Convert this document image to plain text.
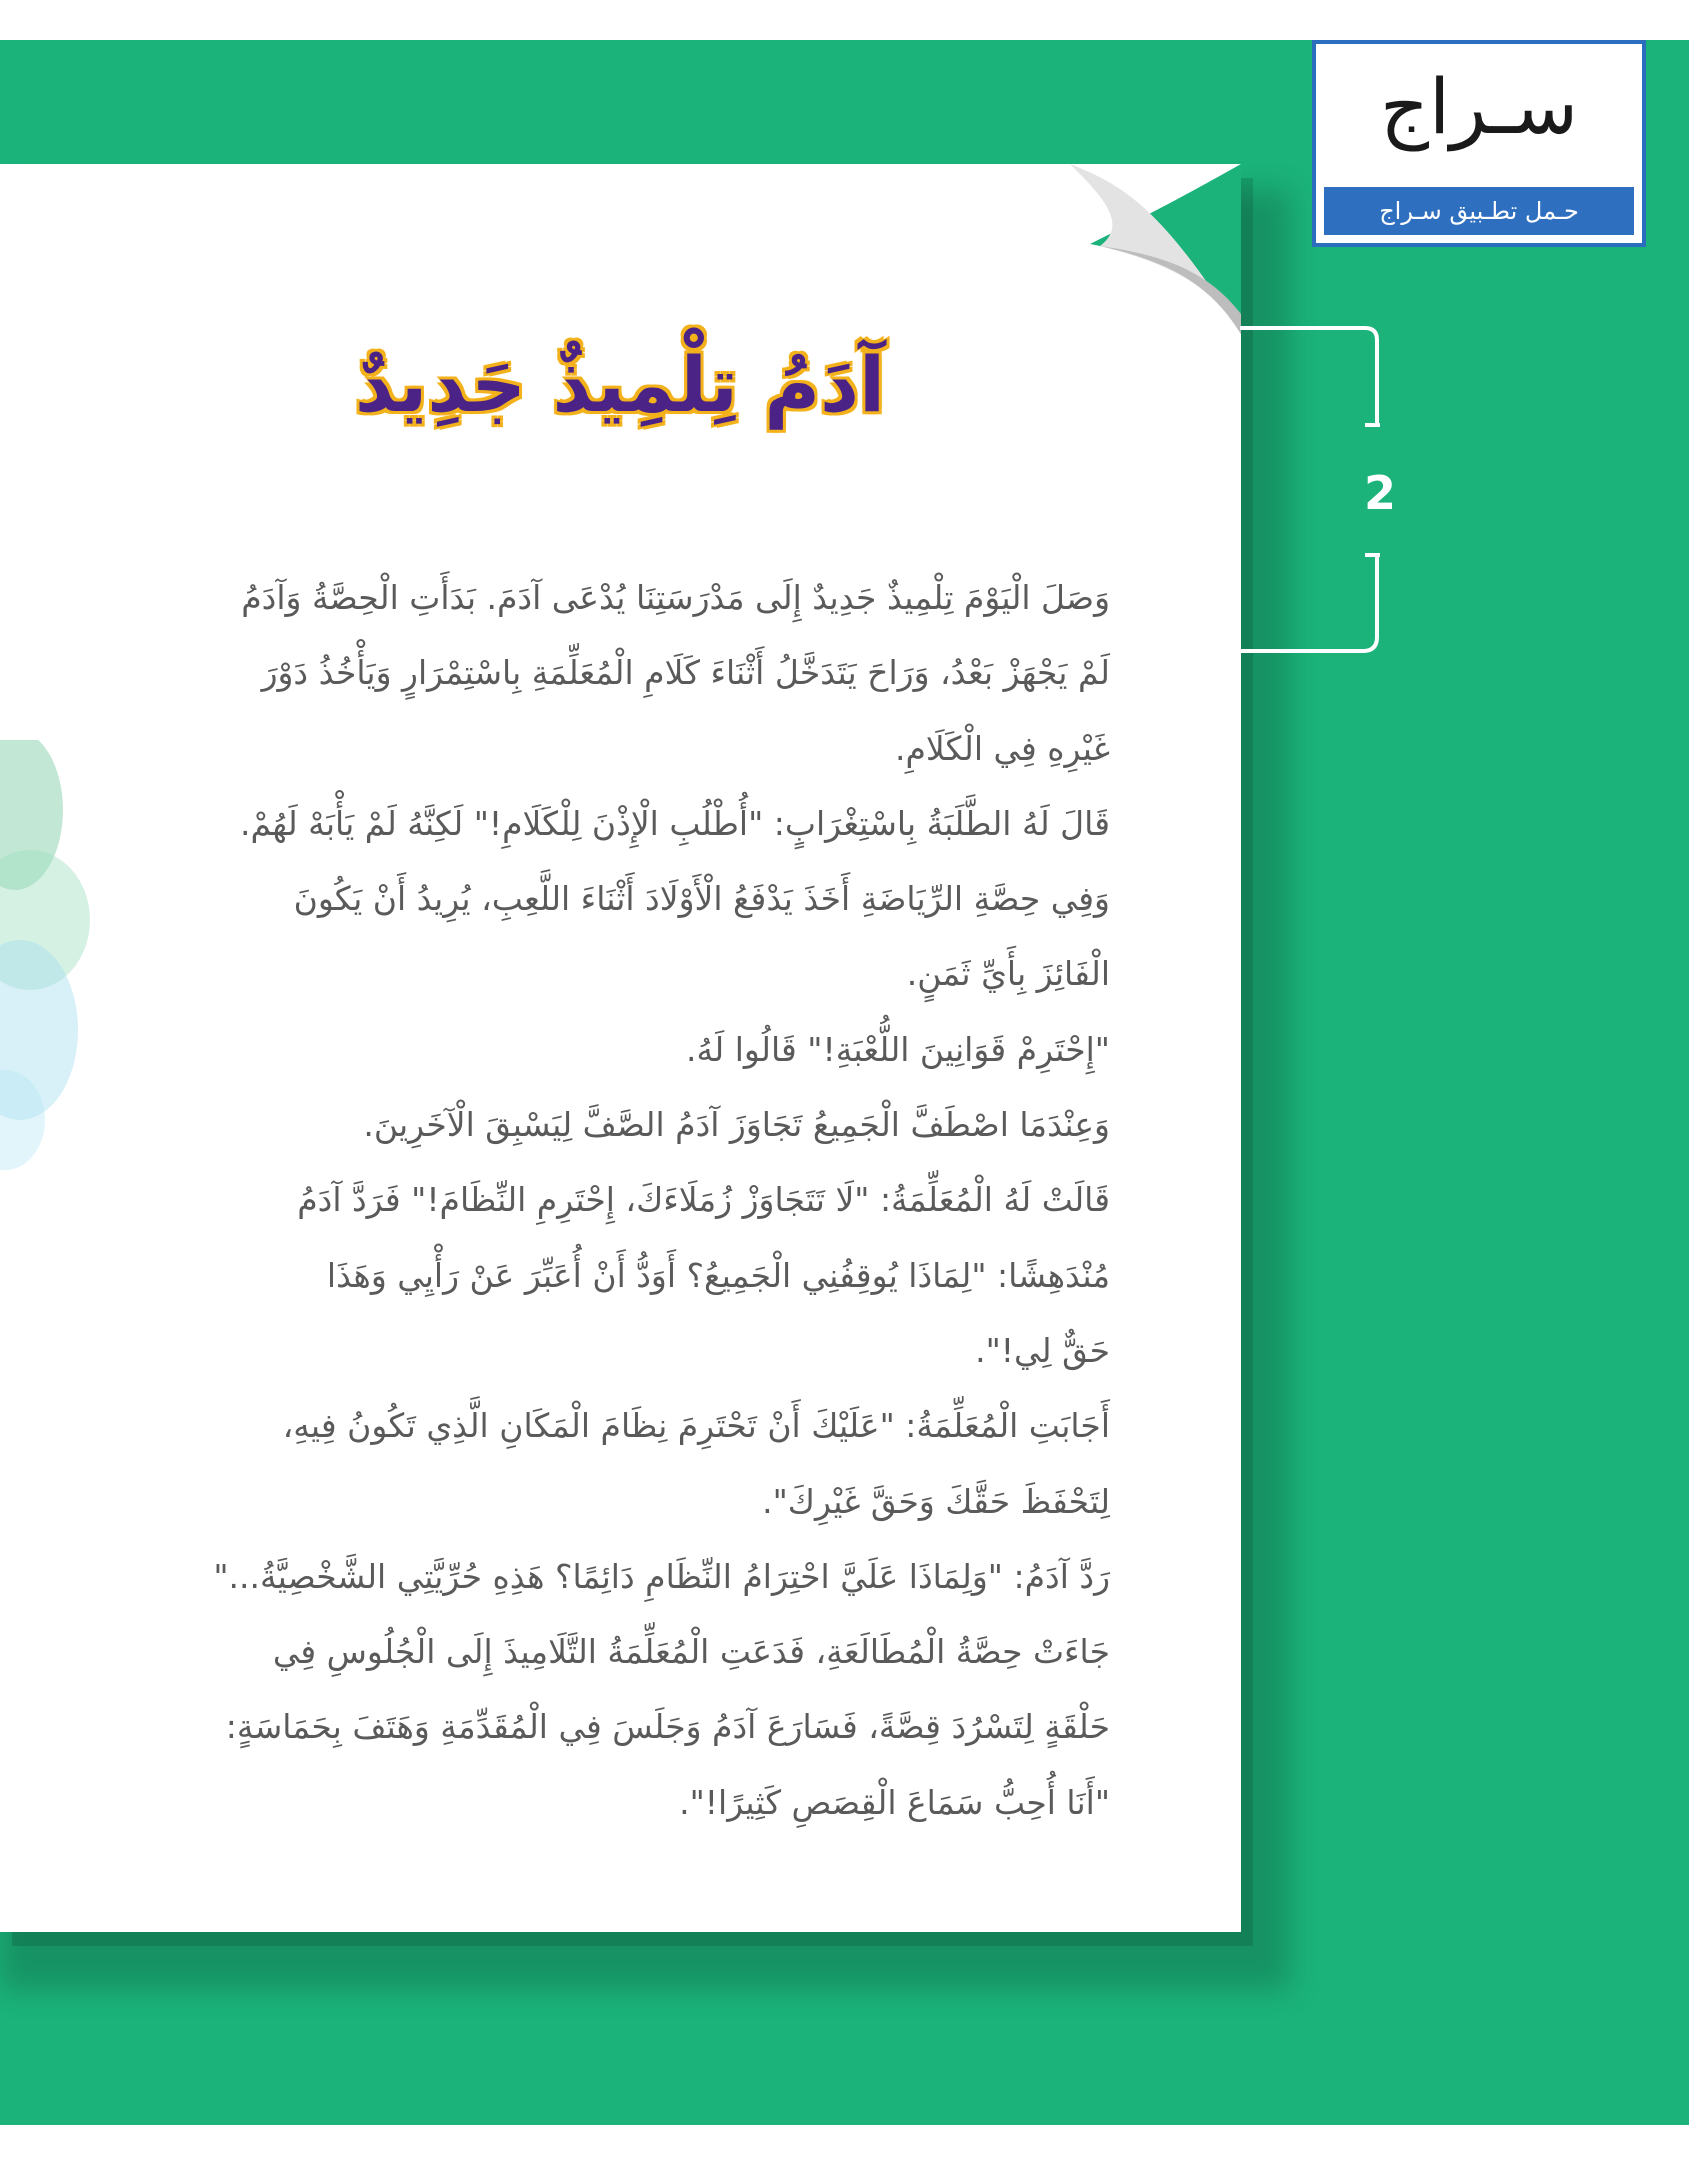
سـراج
حـمل تطـبيق سـراج
2
آدَمُ تِلْمِيذٌ جَدِيدٌ
وَصَلَ الْيَوْمَ تِلْمِيذٌ جَدِيدٌ إِلَى مَدْرَسَتِنَا يُدْعَى آدَمَ. بَدَأَتِ الْحِصَّةُ وَآدَمُ
لَمْ يَجْهَزْ بَعْدُ، وَرَاحَ يَتَدَخَّلُ أَثْنَاءَ كَلَامِ الْمُعَلِّمَةِ بِاسْتِمْرَارٍ وَيَأْخُذُ دَوْرَ
غَيْرِهِ فِي الْكَلَامِ.
قَالَ لَهُ الطَّلَبَةُ بِاسْتِغْرَابٍ: "أُطْلُبِ الْإِذْنَ لِلْكَلَامِ!" لَكِنَّهُ لَمْ يَأْبَهْ لَهُمْ.
وَفِي حِصَّةِ الرِّيَاضَةِ أَخَذَ يَدْفَعُ الْأَوْلَادَ أَثْنَاءَ اللَّعِبِ، يُرِيدُ أَنْ يَكُونَ
الْفَائِزَ بِأَيِّ ثَمَنٍ.
"إِحْتَرِمْ قَوَانِينَ اللُّعْبَةِ!" قَالُوا لَهُ.
وَعِنْدَمَا اصْطَفَّ الْجَمِيعُ تَجَاوَزَ آدَمُ الصَّفَّ لِيَسْبِقَ الْآخَرِينَ.
قَالَتْ لَهُ الْمُعَلِّمَةُ: "لَا تَتَجَاوَزْ زُمَلَاءَكَ، إِحْتَرِمِ النِّظَامَ!" فَرَدَّ آدَمُ
مُنْدَهِشًا: "لِمَاذَا يُوقِفُنِي الْجَمِيعُ؟ أَوَدُّ أَنْ أُعَبِّرَ عَنْ رَأْيِي وَهَذَا
حَقٌّ لِي!".
أَجَابَتِ الْمُعَلِّمَةُ: "عَلَيْكَ أَنْ تَحْتَرِمَ نِظَامَ الْمَكَانِ الَّذِي تَكُونُ فِيهِ،
لِتَحْفَظَ حَقَّكَ وَحَقَّ غَيْرِكَ".
رَدَّ آدَمُ: "وَلِمَاذَا عَلَيَّ احْتِرَامُ النِّظَامِ دَائِمًا؟ هَذِهِ حُرِّيَّتِي الشَّخْصِيَّةُ..."
جَاءَتْ حِصَّةُ الْمُطَالَعَةِ، فَدَعَتِ الْمُعَلِّمَةُ التَّلَامِيذَ إِلَى الْجُلُوسِ فِي
حَلْقَةٍ لِتَسْرُدَ قِصَّةً، فَسَارَعَ آدَمُ وَجَلَسَ فِي الْمُقَدِّمَةِ وَهَتَفَ بِحَمَاسَةٍ:
"أَنَا أُحِبُّ سَمَاعَ الْقِصَصِ كَثِيرًا!".
